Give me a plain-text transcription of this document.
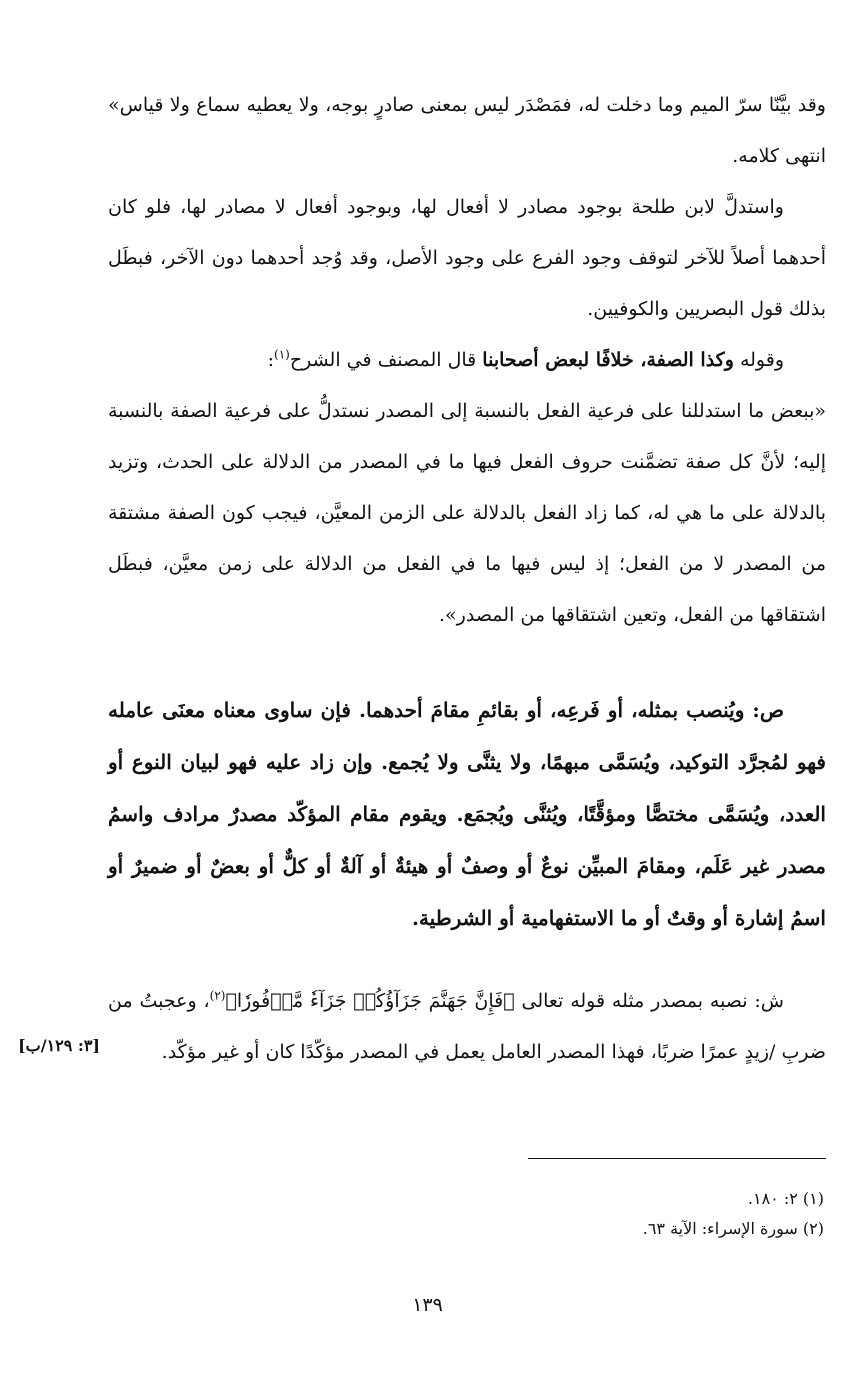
وقد بيَّنّا سرّ الميم وما دخلت له، فمَصْدَر ليس بمعنى صادرٍ بوجه، ولا يعطيه سماع ولا قياس» انتهى كلامه.

واستدلَّ لابن طلحة بوجود مصادر لا أفعال لها، وبوجود أفعال لا مصادر لها، فلو كان أحدهما أصلاً للآخر لتوقف وجود الفرع على وجود الأصل، وقد وُجد أحدهما دون الآخر، فبطَل بذلك قول البصريين والكوفيين.

وقوله وكذا الصفة، خلافًا لبعض أصحابنا قال المصنف في الشرح$^{(١)}$:

«ببعض ما استدللنا على فرعية الفعل بالنسبة إلى المصدر نستدلُّ على فرعية الصفة بالنسبة إليه؛ لأنَّ كل صفة تضمَّنت حروف الفعل فيها ما في المصدر من الدلالة على الحدث، وتزيد بالدلالة على ما هي له، كما زاد الفعل بالدلالة على الزمن المعيَّن، فيجب كون الصفة مشتقة من المصدر لا من الفعل؛ إذ ليس فيها ما في الفعل من الدلالة على زمن معيَّن، فبطَل اشتقاقها من الفعل، وتعين اشتقاقها من المصدر».

ص: ويُنصب بمثله، أو فَرعِه، أو بقائمِ مقامَ أحدهما. فإن ساوى معناه معنَى عامله فهو لمُجرَّد التوكيد، ويُسَمَّى مبهمًا، ولا يثنَّى ولا يُجمع. وإن زاد عليه فهو لبيان النوع أو العدد، ويُسَمَّى مختصًّا ومؤقَّتًا، ويُثنَّى ويُجمَع. ويقوم مقام المؤكّد مصدرٌ مرادف واسمُ مصدر غير عَلَم، ومقامَ المبيِّن نوعٌ أو وصفٌ أو هيئةٌ أو آلةٌ أو كلٌّ أو بعضٌ أو ضميرٌ أو اسمُ إشارة أو وقتٌ أو ما الاستفهامية أو الشرطية.

ش: نصبه بمصدر مثله قوله تعالى ﴿فَإِنَّ جَهَنَّمَ جَزَآؤُكُمۡ جَزَآءٗ مَّوۡفُورٗا﴾$^{(٢)}$، وعجبتُ من ضربِ /زيدٍ عمرًا ضربًا، فهذا المصدر العامل يعمل في المصدر مؤكّدًا كان أو غير مؤكّد.

[٣: ١٢٩/ب]

(١) ٢: ١٨٠.

(٢) سورة الإسراء: الآية ٦٣.

١٣٩
